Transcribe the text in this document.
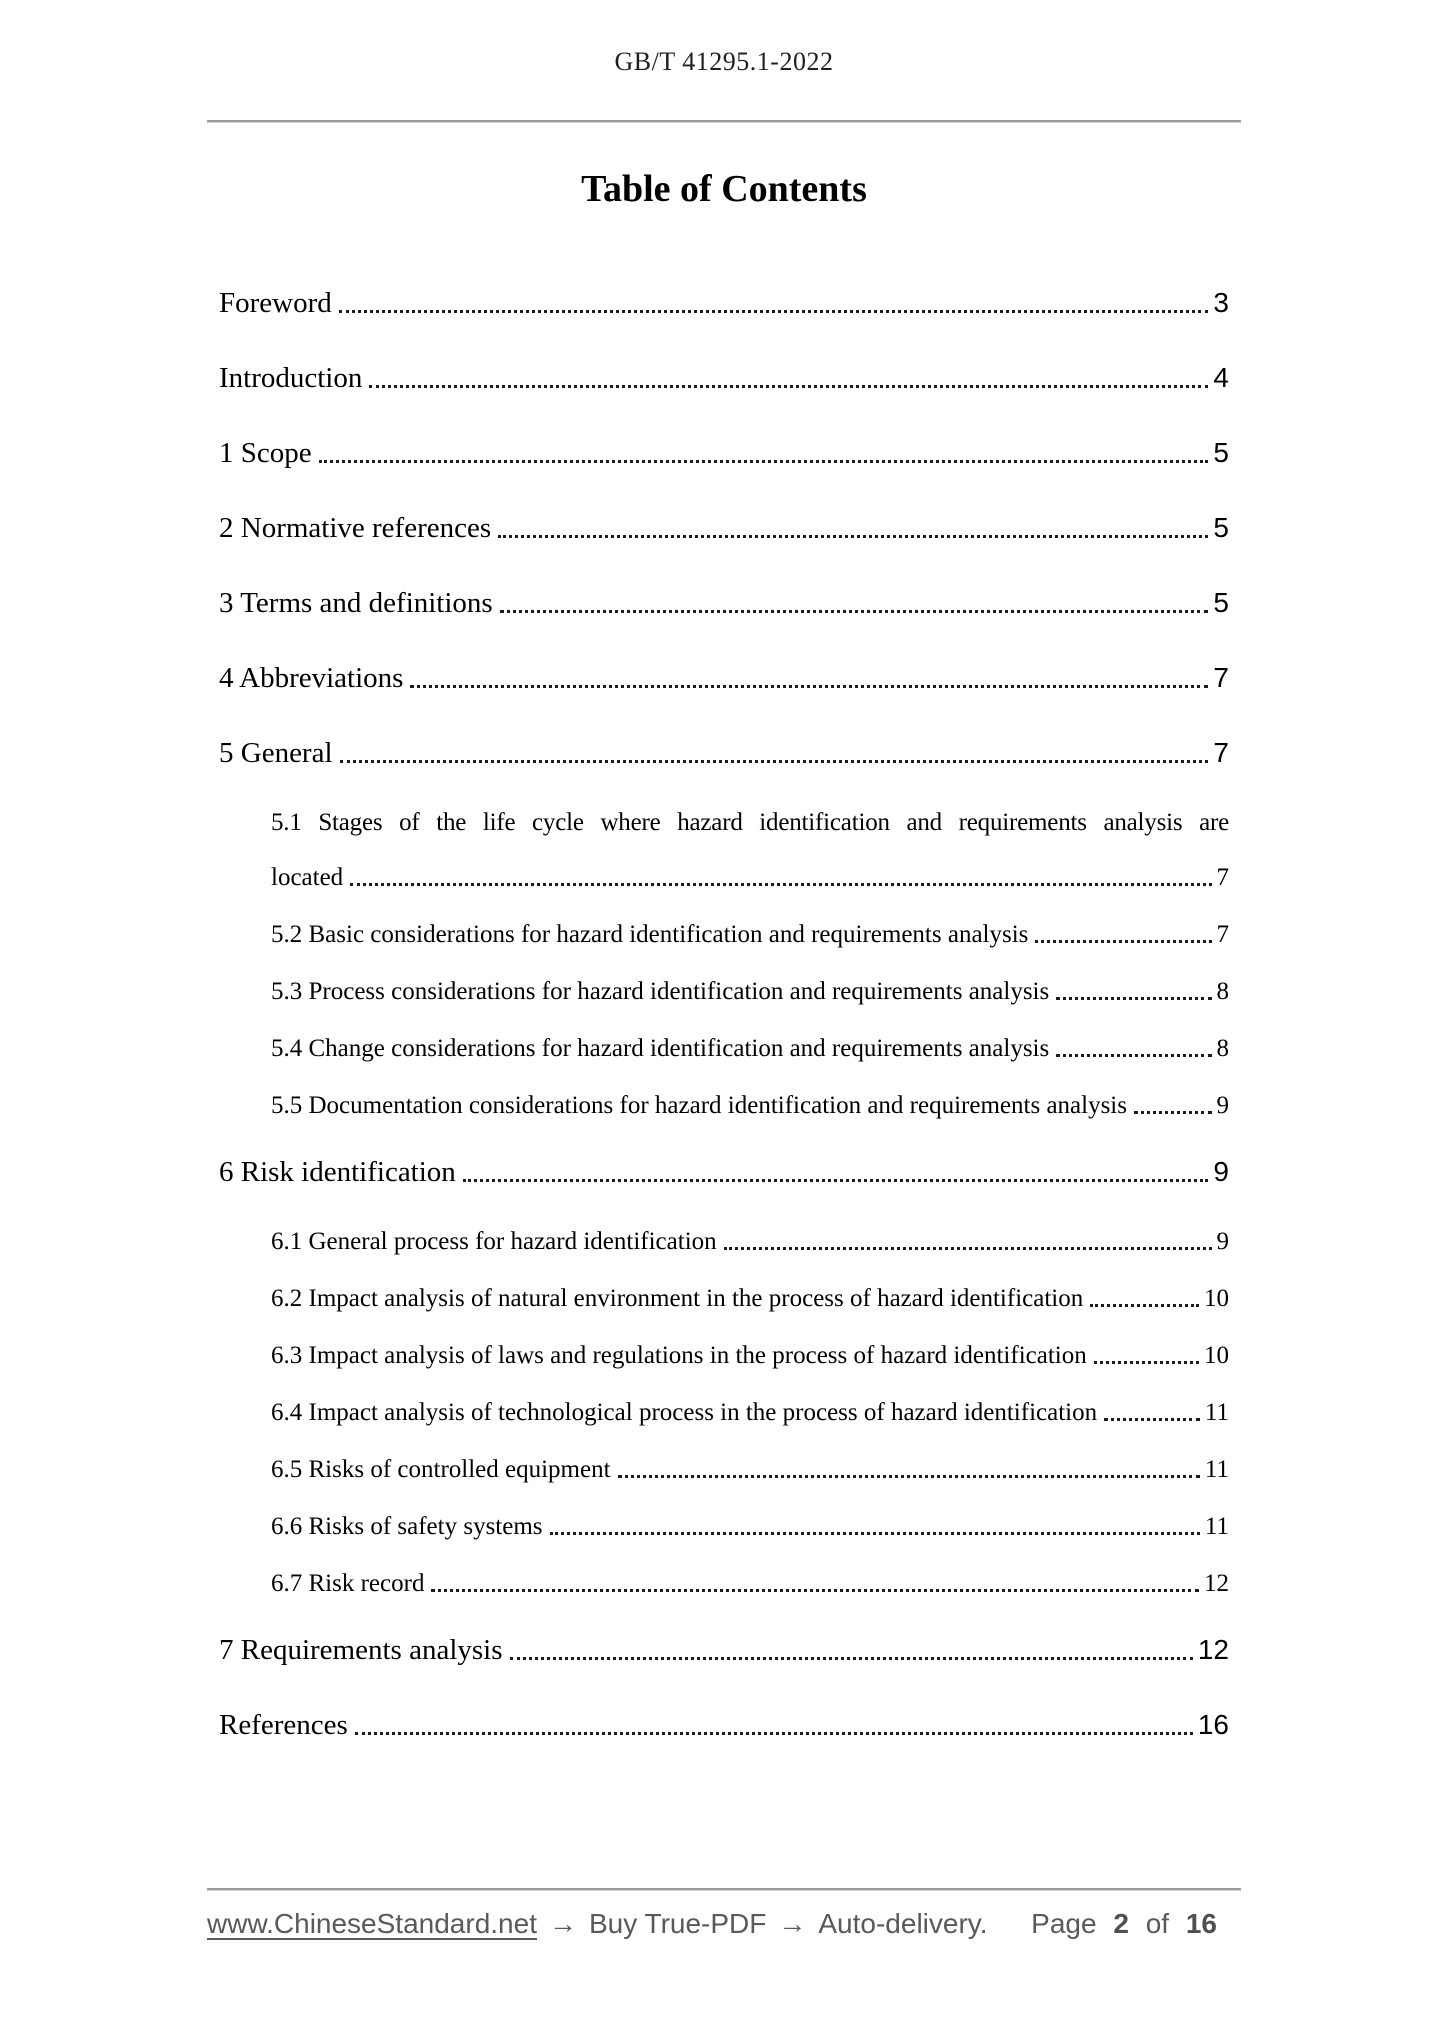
GB/T 41295.1-2022
Table of Contents
Foreword	3
Introduction	4
1 Scope	5
2 Normative references	5
3 Terms and definitions	5
4 Abbreviations	7
5 General	7
5.1 Stages of the life cycle where hazard identification and requirements analysis are
located	7
5.2 Basic considerations for hazard identification and requirements analysis	7
5.3 Process considerations for hazard identification and requirements analysis	8
5.4 Change considerations for hazard identification and requirements analysis	8
5.5 Documentation considerations for hazard identification and requirements analysis	9
6 Risk identification	9
6.1 General process for hazard identification	9
6.2 Impact analysis of natural environment in the process of hazard identification	10
6.3 Impact analysis of laws and regulations in the process of hazard identification	10
6.4 Impact analysis of technological process in the process of hazard identification	11
6.5 Risks of controlled equipment	11
6.6 Risks of safety systems	11
6.7 Risk record	12
7 Requirements analysis	12
References	16
www.ChineseStandard.net → Buy True-PDF → Auto-delivery. Page 2 of 16
